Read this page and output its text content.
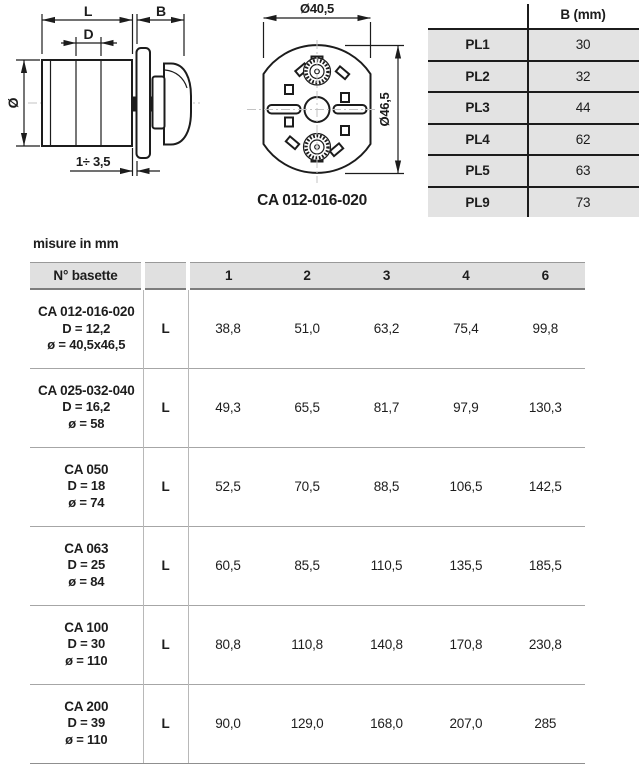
L	B
D
Ø
1÷ 3,5
Ø40,5
Ø46,5
CA 012-016-020
B (mm)
PL1	30
PL2	32
PL3	44
PL4	62
PL5	63
PL9	73
misure in mm
N° basette		1	2	3	4	6

CA 012-016-020
D = 12,2
ø = 40,5x46,5	L	38,8	51,0	63,2	75,4	99,8

CA 025-032-040
D = 16,2
ø = 58	L	49,3	65,5	81,7	97,9	130,3

CA 050
D = 18
ø = 74	L	52,5	70,5	88,5	106,5	142,5

CA 063
D = 25
ø = 84	L	60,5	85,5	110,5	135,5	185,5

CA 100
D = 30
ø = 110	L	80,8	110,8	140,8	170,8	230,8

CA 200
D = 39
ø = 110	L	90,0	129,0	168,0	207,0	285
